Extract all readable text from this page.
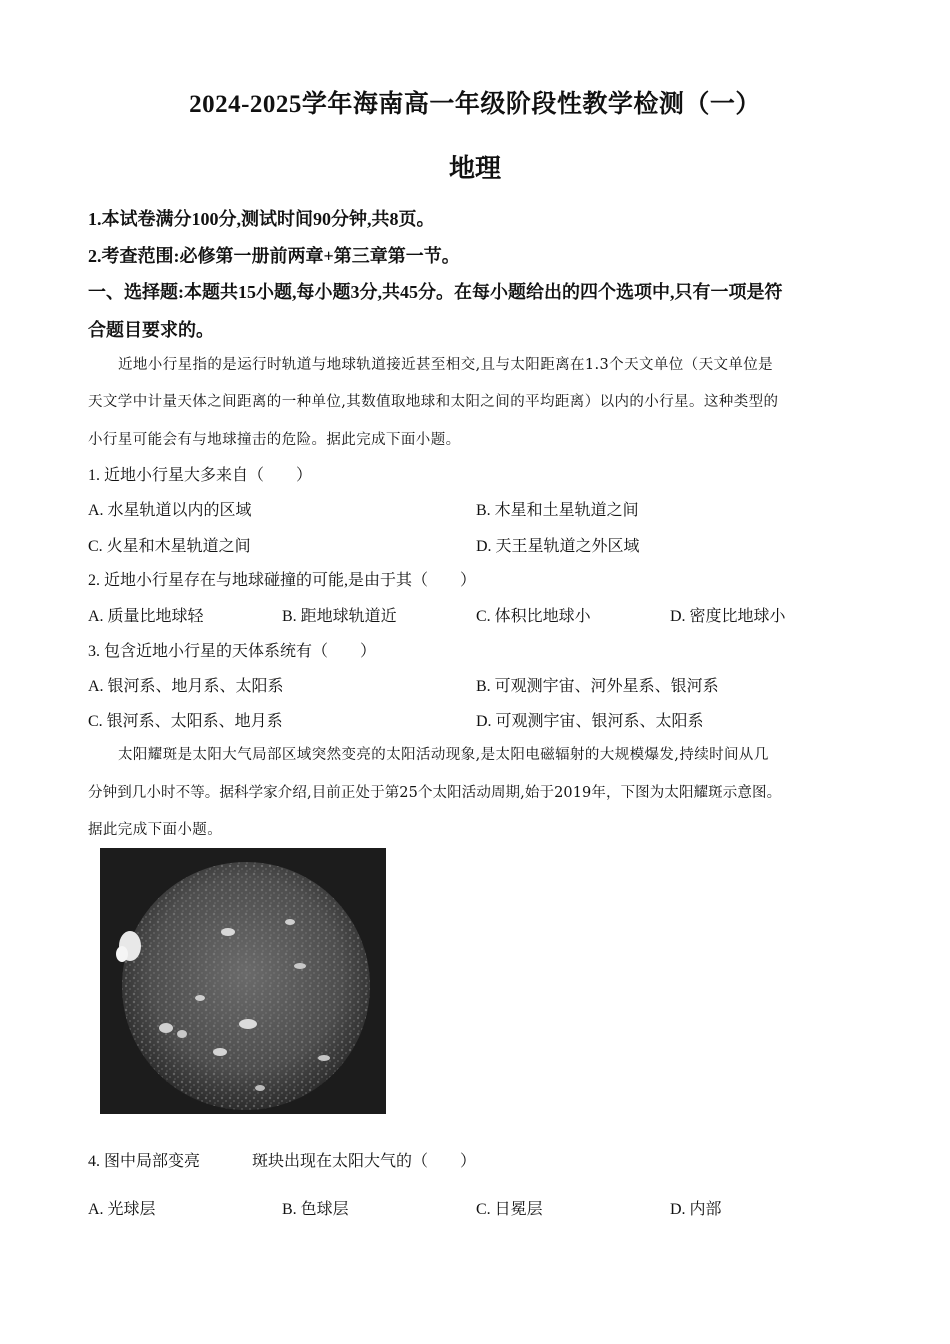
2024-2025学年海南高一年级阶段性教学检测（一）
地理
1.本试卷满分100分,测试时间90分钟,共8页。
2.考查范围:必修第一册前两章+第三章第一节。
一、选择题:本题共15小题,每小题3分,共45分。在每小题给出的四个选项中,只有一项是符
合题目要求的。
近地小行星指的是运行时轨道与地球轨道接近甚至相交,且与太阳距离在1.3个天文单位（天文单位是
天文学中计量天体之间距离的一种单位,其数值取地球和太阳之间的平均距离）以内的小行星。这种类型的
小行星可能会有与地球撞击的危险。据此完成下面小题。
1. 近地小行星大多来自（　　）
A. 水星轨道以内的区域	B. 木星和土星轨道之间
C. 火星和木星轨道之间	D. 天王星轨道之外区域
2. 近地小行星存在与地球碰撞的可能,是由于其（　　）
A. 质量比地球轻	B. 距地球轨道近	C. 体积比地球小	D. 密度比地球小
3. 包含近地小行星的天体系统有（　　）
A. 银河系、地月系、太阳系	B. 可观测宇宙、河外星系、银河系
C. 银河系、太阳系、地月系	D. 可观测宇宙、银河系、太阳系
太阳耀斑是太阳大气局部区域突然变亮的太阳活动现象,是太阳电磁辐射的大规模爆发,持续时间从几
分钟到几小时不等。据科学家介绍,目前正处于第25个太阳活动周期,始于2019年，下图为太阳耀斑示意图。
据此完成下面小题。
4. 图中局部变亮	斑块出现在太阳大气的（　　）
A. 光球层	B. 色球层	C. 日冕层	D. 内部
